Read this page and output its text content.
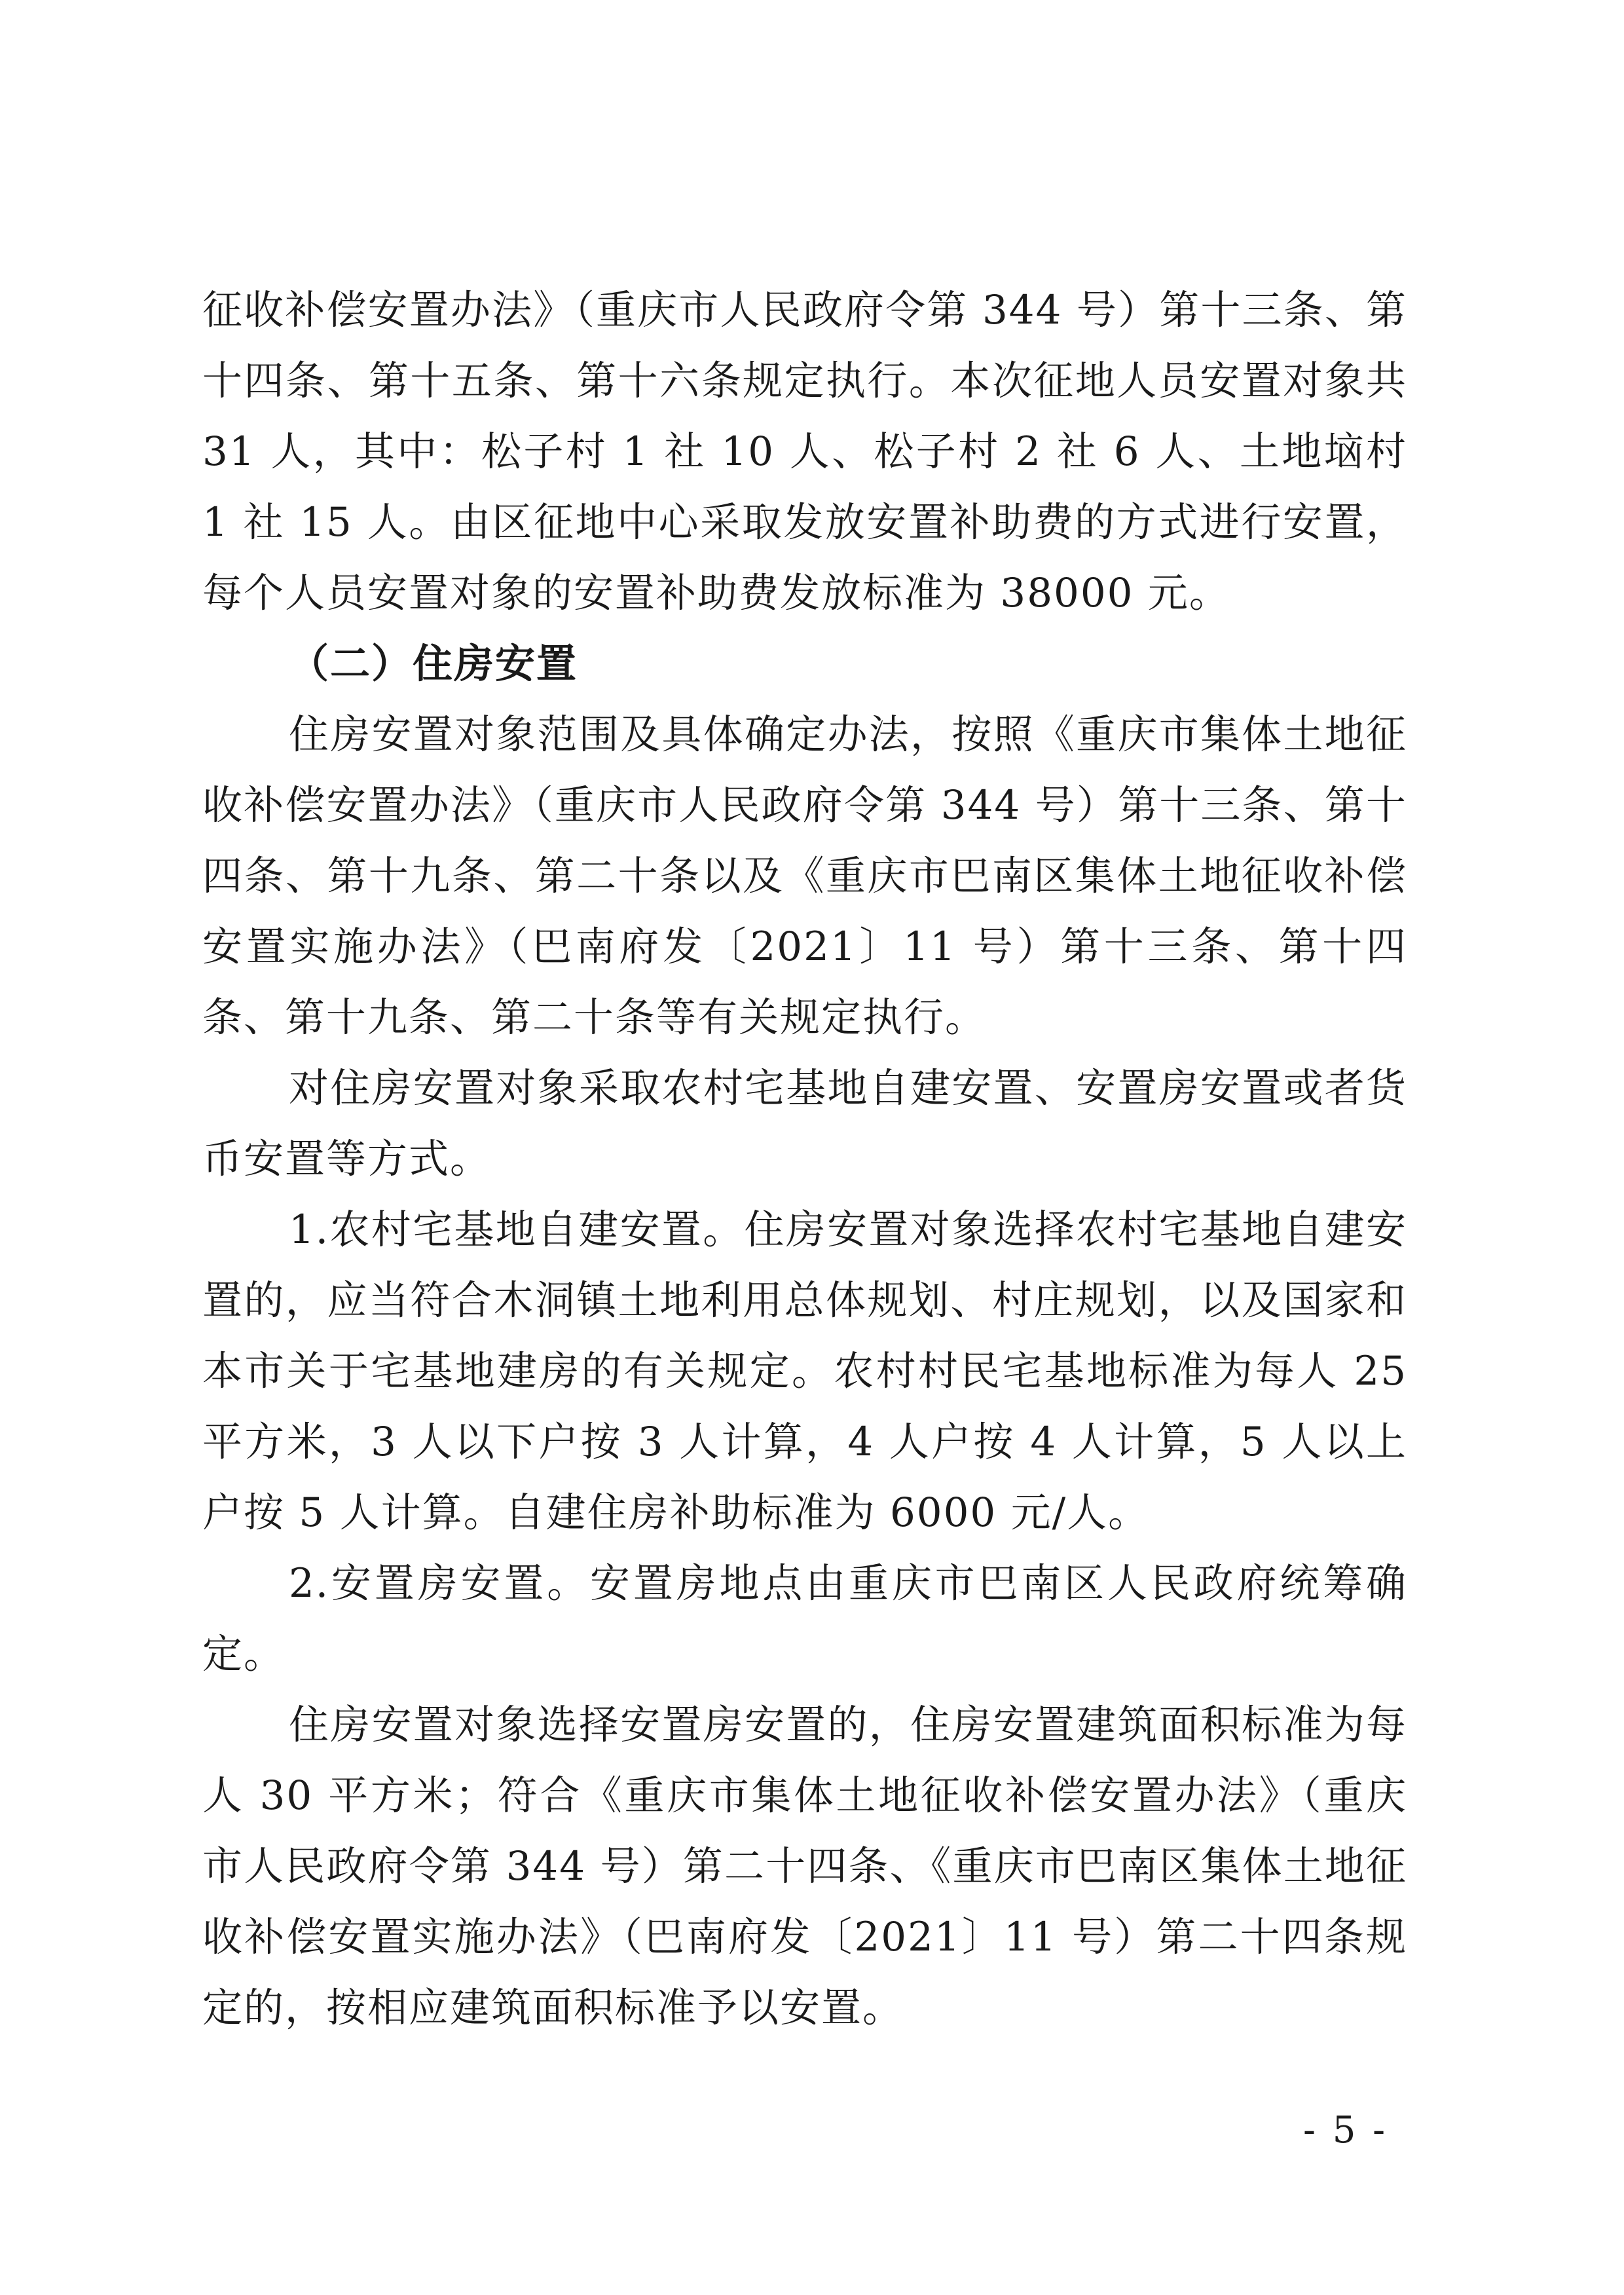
征收补偿安置办法》（重庆市人民政府令第 344 号）第十三条、第十四条、第十五条、第十六条规定执行。本次征地人员安置对象共 31 人，其中：松子村 1 社 10 人、松子村 2 社 6 人、土地垴村 1 社 15 人。由区征地中心采取发放安置补助费的方式进行安置，每个人员安置对象的安置补助费发放标准为 38000 元。

（二）住房安置

住房安置对象范围及具体确定办法，按照《重庆市集体土地征收补偿安置办法》（重庆市人民政府令第 344 号）第十三条、第十四条、第十九条、第二十条以及《重庆市巴南区集体土地征收补偿安置实施办法》（巴南府发〔2021〕11 号）第十三条、第十四条、第十九条、第二十条等有关规定执行。

对住房安置对象采取农村宅基地自建安置、安置房安置或者货币安置等方式。

1.农村宅基地自建安置。住房安置对象选择农村宅基地自建安置的，应当符合木洞镇土地利用总体规划、村庄规划，以及国家和本市关于宅基地建房的有关规定。农村村民宅基地标准为每人 25 平方米，3 人以下户按 3 人计算，4 人户按 4 人计算，5 人以上户按 5 人计算。自建住房补助标准为 6000 元/人。

2.安置房安置。安置房地点由重庆市巴南区人民政府统筹确定。

住房安置对象选择安置房安置的，住房安置建筑面积标准为每人 30 平方米；符合《重庆市集体土地征收补偿安置办法》（重庆市人民政府令第 344 号）第二十四条、《重庆市巴南区集体土地征收补偿安置实施办法》（巴南府发〔2021〕11 号）第二十四条规定的，按相应建筑面积标准予以安置。

- 5 -
